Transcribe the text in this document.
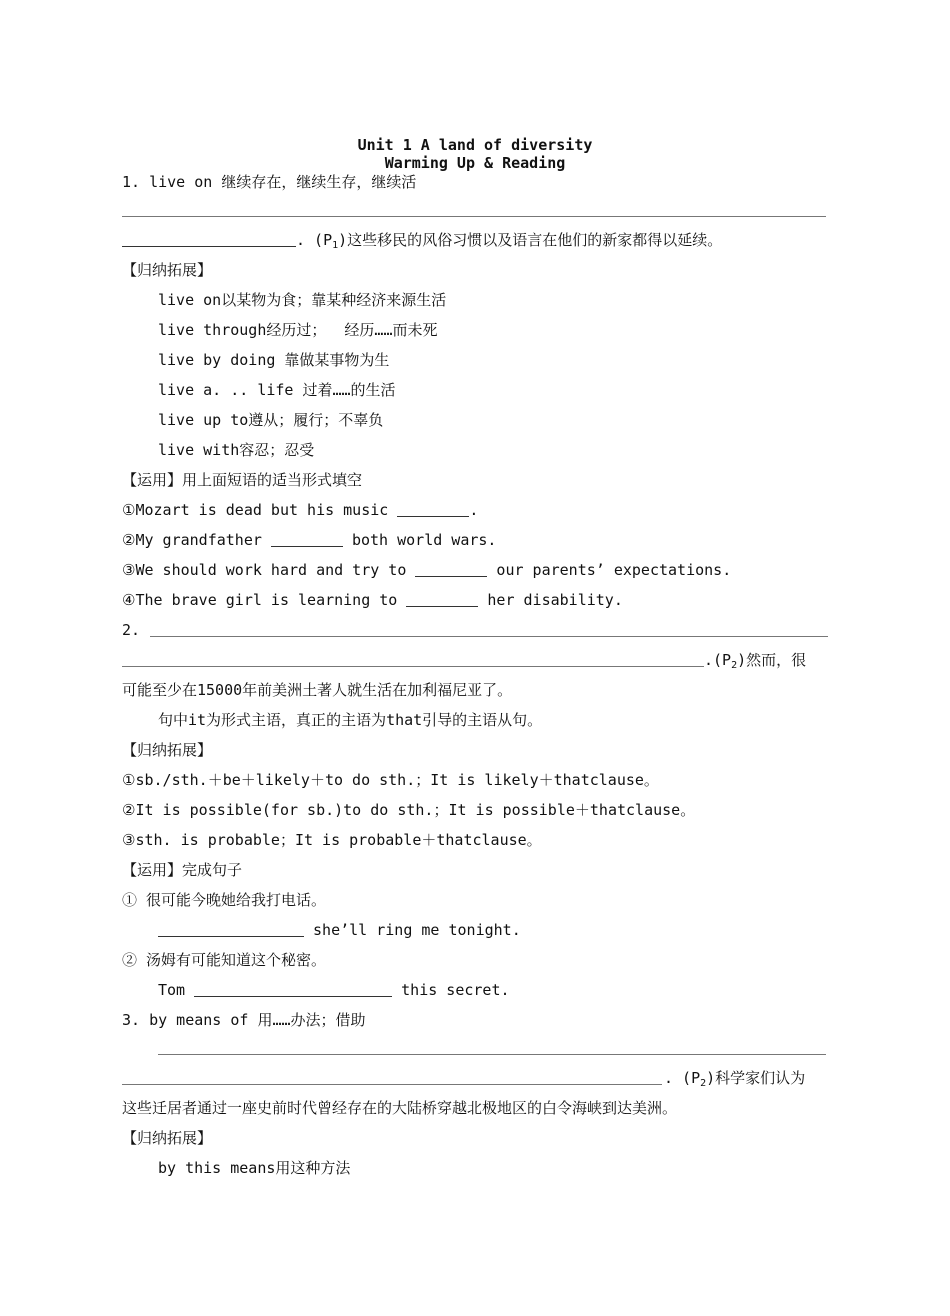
Unit 1 A land of diversity
Warming Up & Reading
1. live on 继续存在，继续生存，继续活
. $(P_1)$这些移民的风俗习惯以及语言在他们的新家都得以延续。
【归纳拓展】
live on以某物为食；靠某种经济来源生活
live through经历过；  经历……而未死
live by doing 靠做某事物为生
live a. .. life 过着……的生活
live up to遵从；履行；不辜负
live with容忍；忍受
【运用】用上面短语的适当形式填空
①Mozart is dead but his music	.
②My grandfather	both world wars.
③We should work hard and try to	our parents’ expectations.
④The brave girl is learning to	her disability.
2.
$.(P_2)$然而，很
可能至少在15000年前美洲土著人就生活在加利福尼亚了。
句中it为形式主语，真正的主语为that引导的主语从句。
【归纳拓展】
①sb./sth.＋be＋likely＋to do sth.；It is likely＋thatclause。
②It is possible(for sb.)to do sth.；It is possible＋thatclause。
③sth. is probable；It is probable＋thatclause。
【运用】完成句子
① 很可能今晚她给我打电话。
she’ll ring me tonight.
② 汤姆有可能知道这个秘密。
Tom	this secret.
3. by means of 用……办法；借助
. $(P_2)$科学家们认为
这些迁居者通过一座史前时代曾经存在的大陆桥穿越北极地区的白令海峡到达美洲。
【归纳拓展】
by this means用这种方法
